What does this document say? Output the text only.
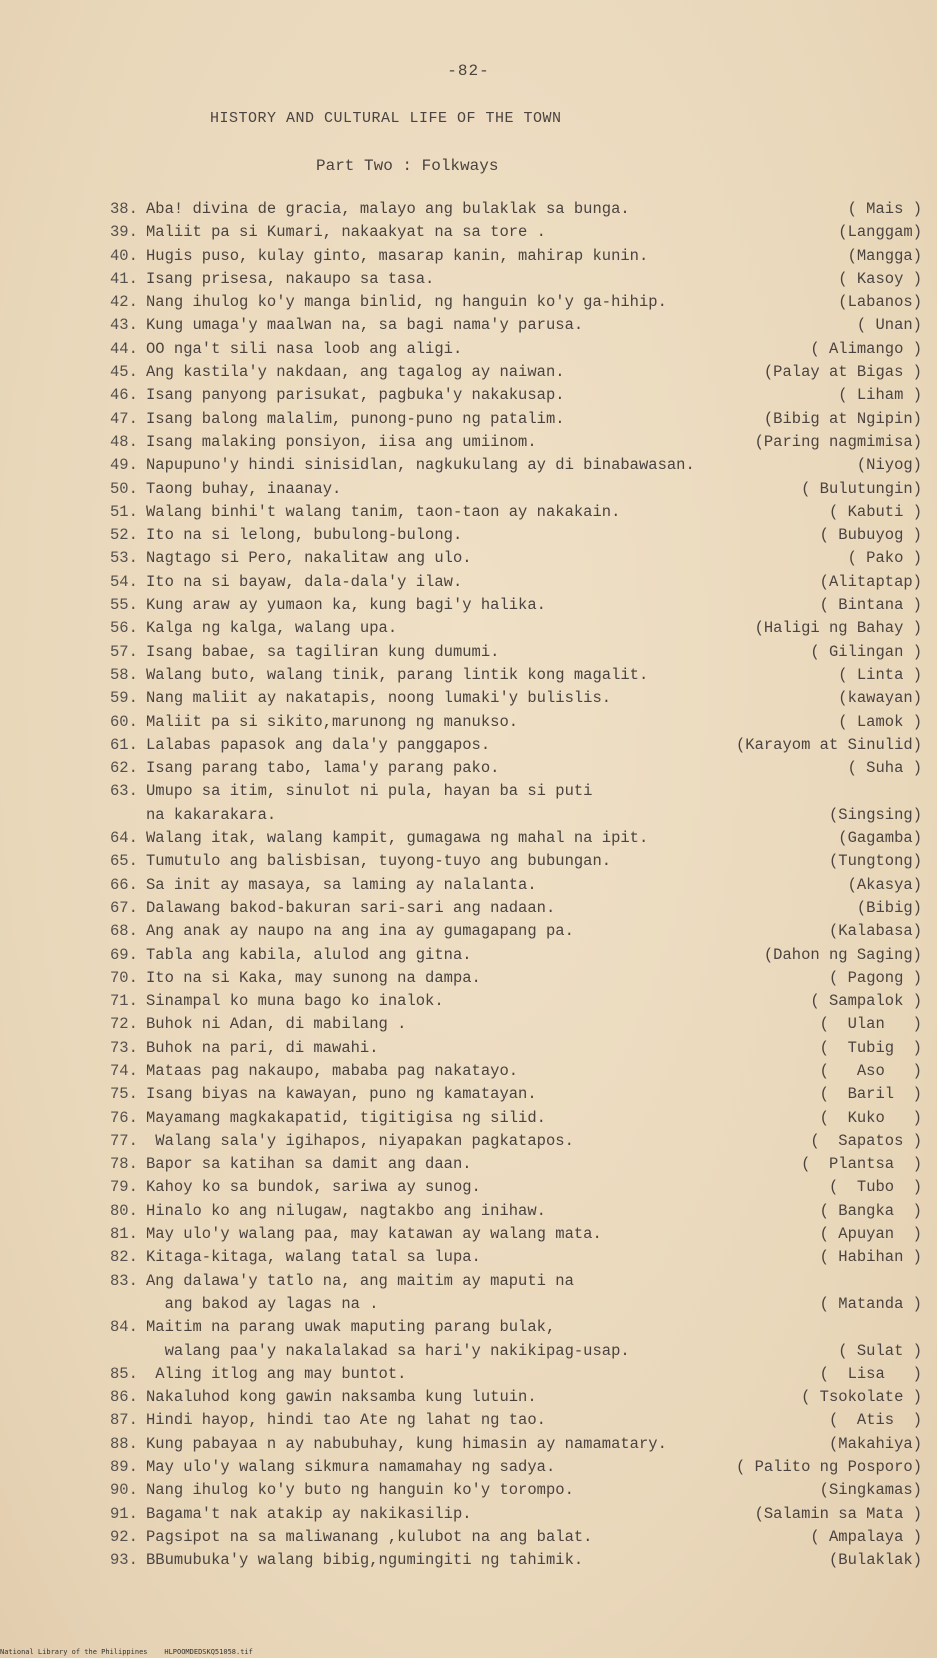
-82-
HISTORY AND CULTURAL LIFE OF THE TOWN
Part Two : Folkways
38. Aba! divina de gracia, malayo ang bulaklak sa bunga.	( Mais )
39. Maliit pa si Kumari, nakaakyat na sa tore .	(Langgam)
40. Hugis puso, kulay ginto, masarap kanin, mahirap kunin.	(Mangga)
41. Isang prisesa, nakaupo sa tasa.	( Kasoy )
42. Nang ihulog ko'y manga binlid, ng hanguin ko'y ga-hihip.	(Labanos)
43. Kung umaga'y maalwan na, sa bagi nama'y parusa.	( Unan)
44. OO nga't sili nasa loob ang aligi.	( Alimango )
45. Ang kastila'y nakdaan, ang tagalog ay naiwan.	(Palay at Bigas )
46. Isang panyong parisukat, pagbuka'y nakakusap.	( Liham )
47. Isang balong malalim, punong-puno ng patalim.	(Bibig at Ngipin)
48. Isang malaking ponsiyon, iisa ang umiinom.	(Paring nagmimisa)
49. Napupuno'y hindi sinisidlan, nagkukulang ay di binabawasan.	(Niyog)
50. Taong buhay, inaanay.	( Bulutungin)
51. Walang binhi't walang tanim, taon-taon ay nakakain.	( Kabuti )
52. Ito na si lelong, bubulong-bulong.	( Bubuyog )
53. Nagtago si Pero, nakalitaw ang ulo.	( Pako )
54. Ito na si bayaw, dala-dala'y ilaw.	(Alitaptap)
55. Kung araw ay yumaon ka, kung bagi'y halika.	( Bintana )
56. Kalga ng kalga, walang upa.	(Haligi ng Bahay )
57. Isang babae, sa tagiliran kung dumumi.	( Gilingan )
58. Walang buto, walang tinik, parang lintik kong magalit.	( Linta )
59. Nang maliit ay nakatapis, noong lumaki'y bulislis.	(kawayan)
60. Maliit pa si sikito,marunong ng manukso.	( Lamok )
61. Lalabas papasok ang dala'y panggapos.	(Karayom at Sinulid)
62. Isang parang tabo, lama'y parang pako.	( Suha )
63. Umupo sa itim, sinulot ni pula, hayan ba si puti
na kakarakara.	(Singsing)
64. Walang itak, walang kampit, gumagawa ng mahal na ipit.	(Gagamba)
65. Tumutulo ang balisbisan, tuyong-tuyo ang bubungan.	(Tungtong)
66. Sa init ay masaya, sa laming ay nalalanta.	(Akasya)
67. Dalawang bakod-bakuran sari-sari ang nadaan.	(Bibig)
68. Ang anak ay naupo na ang ina ay gumagapang pa.	(Kalabasa)
69. Tabla ang kabila, alulod ang gitna.	(Dahon ng Saging)
70. Ito na si Kaka, may sunong na dampa.	( Pagong )
71. Sinampal ko muna bago ko inalok.	( Sampalok )
72. Buhok ni Adan, di mabilang .	(  Ulan   )
73. Buhok na pari, di mawahi.	(  Tubig  )
74. Mataas pag nakaupo, mababa pag nakatayo.	(   Aso   )
75. Isang biyas na kawayan, puno ng kamatayan.	(  Baril  )
76. Mayamang magkakapatid, tigitigisa ng silid.	(  Kuko   )
77. Walang sala'y igihapos, niyapakan pagkatapos.	(  Sapatos )
78. Bapor sa katihan sa damit ang daan.	(  Plantsa  )
79. Kahoy ko sa bundok, sariwa ay sunog.	(  Tubo  )
80. Hinalo ko ang nilugaw, nagtakbo ang inihaw.	( Bangka  )
81. May ulo'y walang paa, may katawan ay walang mata.	( Apuyan  )
82. Kitaga-kitaga, walang tatal sa lupa.	( Habihan )
83. Ang dalawa'y tatlo na, ang maitim ay maputi na
ang bakod ay lagas na .	( Matanda )
84. Maitim na parang uwak maputing parang bulak,
walang paa'y nakalalakad sa hari'y nakikipag-usap.	( Sulat )
85. Aling itlog ang may buntot.	(  Lisa   )
86. Nakaluhod kong gawin naksamba kung lutuin.	( Tsokolate )
87. Hindi hayop, hindi tao Ate ng lahat ng tao.	(  Atis  )
88. Kung pabayaa n ay nabubuhay, kung himasin ay namamatary.	(Makahiya)
89. May ulo'y walang sikmura namamahay ng sadya.	( Palito ng Posporo)
90. Nang ihulog ko'y buto ng hanguin ko'y torompo.	(Singkamas)
91. Bagama't nak atakip ay nakikasilip.	(Salamin sa Mata )
92. Pagsipot na sa maliwanang ,kulubot na ang balat.	( Ampalaya )
93. BBumubuka'y walang bibig,ngumingiti ng tahimik.	(Bulaklak)
National Library of the Philippines    HLPOOMDEDSKQ51058.tif
